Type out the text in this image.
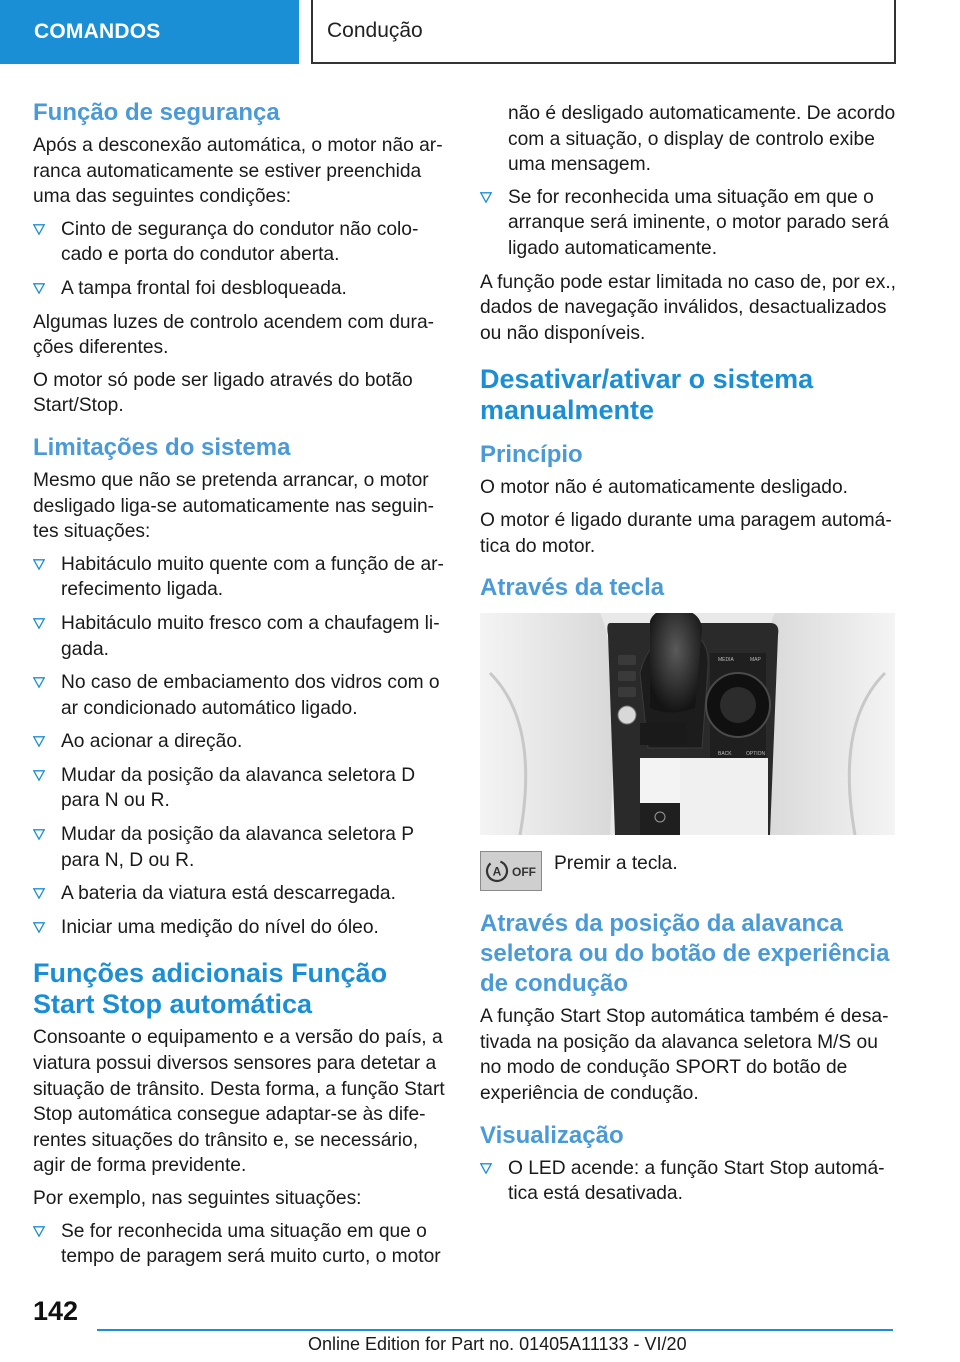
COMANDOS	Condução
Função de segurança

Após a desconexão automática, o motor não arranca automaticamente se estiver preenchida uma das seguintes condições:

Cinto de segurança do condutor não colocado e porta do condutor aberta.
A tampa frontal foi desbloqueada.

Algumas luzes de controlo acendem com durações diferentes.

O motor só pode ser ligado através do botão Start/Stop.

Limitações do sistema

Mesmo que não se pretenda arrancar, o motor desligado liga-se automaticamente nas seguintes situações:

Habitáculo muito quente com a função de arrefecimento ligada.
Habitáculo muito fresco com a chaufagem ligada.
No caso de embaciamento dos vidros com o ar condicionado automático ligado.
Ao acionar a direção.
Mudar da posição da alavanca seletora D para N ou R.
Mudar da posição da alavanca seletora P para N, D ou R.
A bateria da viatura está descarregada.
Iniciar uma medição do nível do óleo.
Funções adicionais Função Start Stop automática

Consoante o equipamento e a versão do país, a viatura possui diversos sensores para detetar a situação de trânsito. Desta forma, a função Start Stop automática consegue adaptar-se às diferentes situações do trânsito e, se necessário, agir de forma previdente.

Por exemplo, nas seguintes situações:

Se for reconhecida uma situação em que o tempo de paragem será muito curto, o motor

não é desligado automaticamente. De acordo com a situação, o display de controlo exibe uma mensagem.

Se for reconhecida uma situação em que o arranque será iminente, o motor parado será ligado automaticamente.

A função pode estar limitada no caso de, por ex., dados de navegação inválidos, desactualizados ou não disponíveis.

Desativar/ativar o sistema manualmente
Princípio

O motor não é automaticamente desligado.

O motor é ligado durante uma paragem automática do motor.

Através da tecla
MEDIA	MAP
BACK	OPTION
A OFF Premir a tecla.
Através da posição da alavanca seletora ou do botão de experiência de condução

A função Start Stop automática também é desativada na posição da alavanca seletora M/S ou no modo de condução SPORT do botão de experiência de condução.

Visualização
O LED acende: a função Start Stop automática está desativada.
142
Online Edition for Part no. 01405A11133 - VI/20
